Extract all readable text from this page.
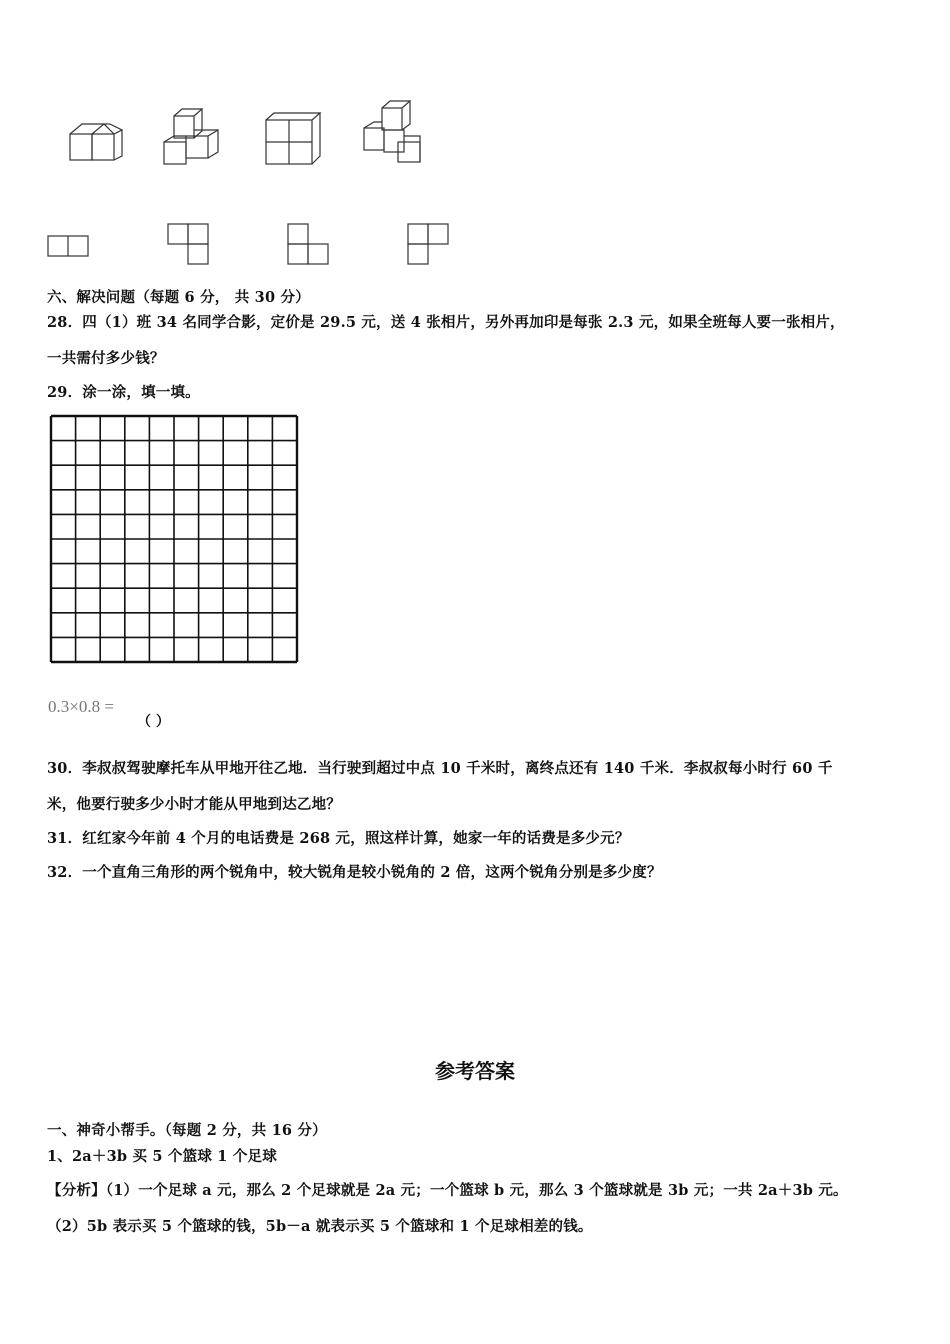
六、解决问题（每题 6 分， 共 30 分）
28．四（1）班 34 名同学合影，定价是 29.5 元，送 4 张相片，另外再加印是每张 2.3 元，如果全班每人要一张相片，
一共需付多少钱？
29．涂一涂，填一填。
0.3×0.8 =
（ ）
30．李叔叔驾驶摩托车从甲地开往乙地．当行驶到超过中点 10 千米时，离终点还有 140 千米．李叔叔每小时行 60 千
米，他要行驶多少小时才能从甲地到达乙地？
31．红红家今年前 4 个月的电话费是 268 元，照这样计算，她家一年的话费是多少元？
32．一个直角三角形的两个锐角中，较大锐角是较小锐角的 2 倍，这两个锐角分别是多少度？
参考答案
一、神奇小帮手。（每题 2 分，共 16 分）
1、2a＋3b 买 5 个篮球 1 个足球
【分析】（1）一个足球 a 元，那么 2 个足球就是 2a 元；一个篮球 b 元，那么 3 个篮球就是 3b 元；一共 2a＋3b 元。
（2）5b 表示买 5 个篮球的钱，5b－a 就表示买 5 个篮球和 1 个足球相差的钱。
